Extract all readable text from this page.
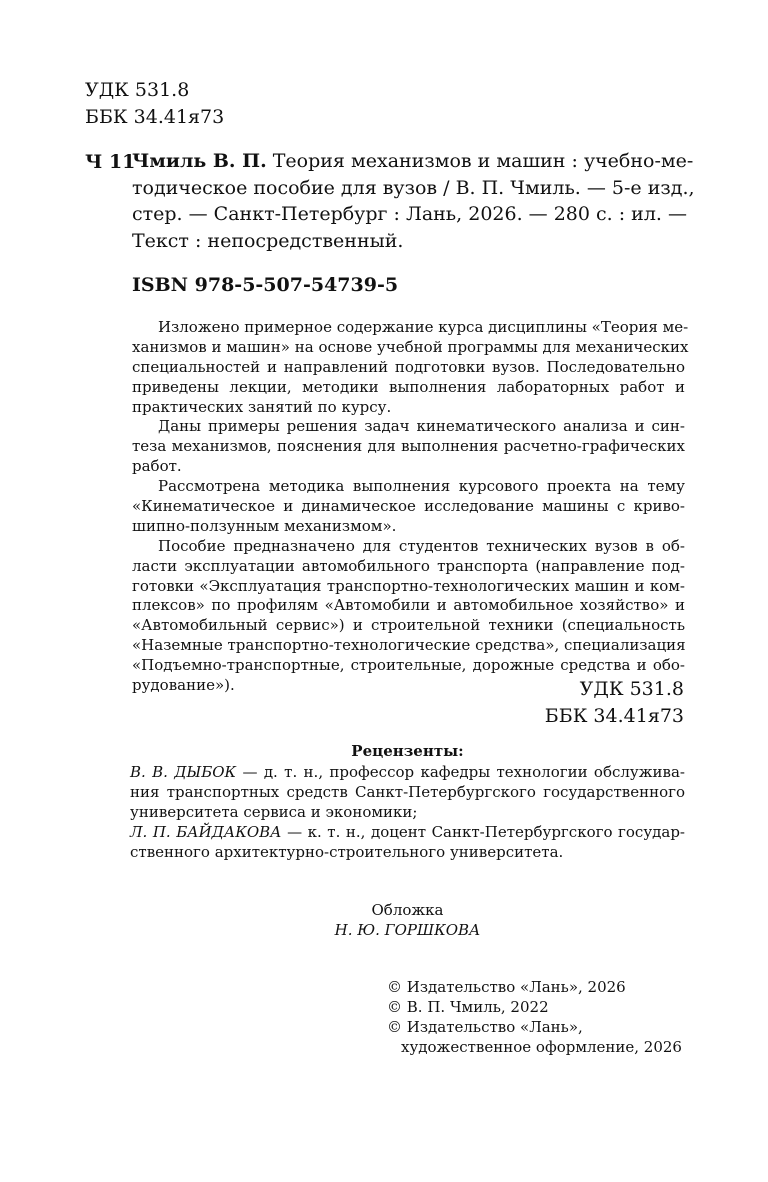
УДК 531.8
ББК 34.41я73
Ч 11
Чмиль В. П. Теория механизмов и машин : учебно-ме-
тодическое пособие для вузов / В. П. Чмиль. — 5-е изд.,
стер. — Санкт-Петербург : Лань, 2026. — 280 с. : ил. —
Текст : непосредственный.
ISBN 978-5-507-54739-5
Изложено примерное содержание курса дисциплины «Теория ме-
ханизмов и машин» на основе учебной программы для механических
специальностей и направлений подготовки вузов. Последовательно
приведены лекции, методики выполнения лабораторных работ и
практических занятий по курсу.
Даны примеры решения задач кинематического анализа и син-
теза механизмов, пояснения для выполнения расчетно-графических
работ.
Рассмотрена методика выполнения курсового проекта на тему
«Кинематическое и динамическое исследование машины с криво-
шипно-ползунным механизмом».
Пособие предназначено для студентов технических вузов в об-
ласти эксплуатации автомобильного транспорта (направление под-
готовки «Эксплуатация транспортно-технологических машин и ком-
плексов» по профилям «Автомобили и автомобильное хозяйство» и
«Автомобильный сервис») и строительной техники (специальность
«Наземные транспортно-технологические средства», специализация
«Подъемно-транспортные, строительные, дорожные средства и обо-
рудование»).	УДК 531.8
ББК 34.41я73
Рецензенты:
В. В. ДЫБОК — д. т. н., профессор кафедры технологии обслужива-
ния транспортных средств Санкт-Петербургского государственного
университета сервиса и экономики;
Л. П. БАЙДАКОВА — к. т. н., доцент Санкт-Петербургского государ-
ственного архитектурно-строительного университета.
Обложка
Н. Ю. ГОРШКОВА
© Издательство «Лань», 2026
© В. П. Чмиль, 2022
© Издательство «Лань»,
художественное оформление, 2026
